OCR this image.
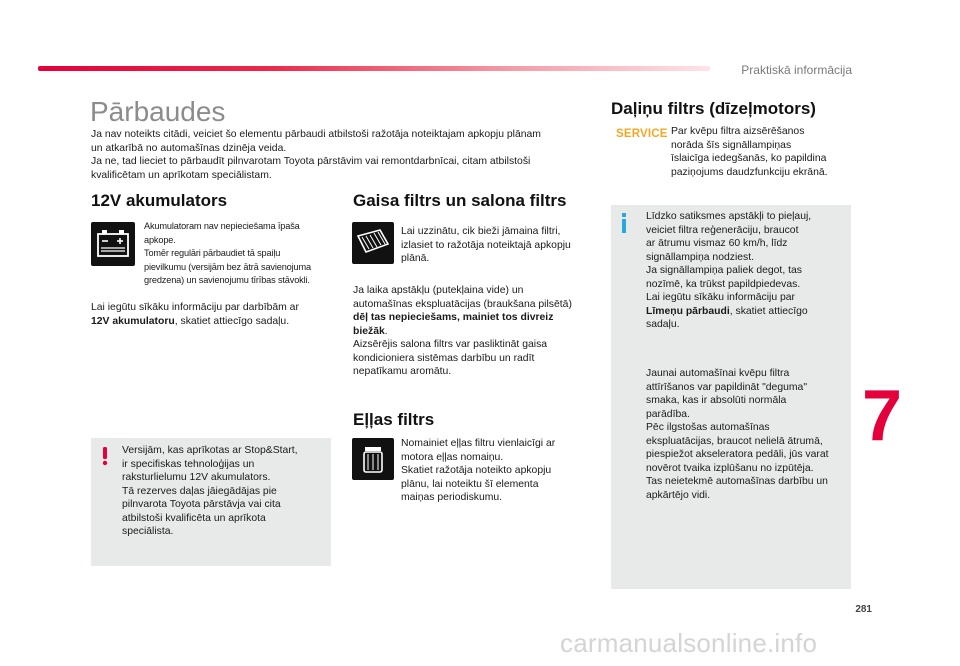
Praktiskā informācija
7
281
carmanualsonline.info
Pārbaudes
Ja nav noteikts citādi, veiciet šo elementu pārbaudi atbilstoši ražotāja noteiktajam apkopju plānam
un atkarībā no automašīnas dzinēja veida.
Ja ne, tad lieciet to pārbaudīt pilnvarotam Toyota pārstāvim vai remontdarbnīcai, citam atbilstoši
kvalificētam un aprīkotam speciālistam.
12V akumulators
Akumulatoram nav nepieciešama īpaša
apkope.
Tomēr regulāri pārbaudiet tā spaiļu
pievilkumu (versijām bez ātrā savienojuma
gredzena) un savienojumu tīrības stāvokli.
Lai iegūtu sīkāku informāciju par darbībām ar
12V akumulatoru, skatiet attiecīgo sadaļu.
Versijām, kas aprīkotas ar Stop&Start,
ir specifiskas tehnoloģijas un
raksturlielumu 12V akumulators.
Tā rezerves daļas jāiegādājas pie
pilnvarota Toyota pārstāvja vai cita
atbilstoši kvalificēta un aprīkota
speciālista.
Gaisa filtrs un salona filtrs
Lai uzzinātu, cik bieži jāmaina filtri,
izlasiet to ražotāja noteiktajā apkopju
plānā.
Ja laika apstākļu (putekļaina vide) un
automašīnas ekspluatācijas (braukšana pilsētā)
dēļ tas nepieciešams, mainiet tos divreiz
biežāk.
Aizsērējis salona filtrs var pasliktināt gaisa
kondicioniera sistēmas darbību un radīt
nepatīkamu aromātu.
Eļļas filtrs
Nomainiet eļļas filtru vienlaicīgi ar
motora eļļas nomaiņu.
Skatiet ražotāja noteikto apkopju
plānu, lai noteiktu šī elementa
maiņas periodiskumu.
Daļiņu filtrs (dīzeļmotors)
SERVICE Par kvēpu filtra aizsērēšanos
norāda šīs signāllampiņas
īslaicīga iedegšanās, ko papildina
paziņojums daudzfunkciju ekrānā.
Līdzko satiksmes apstākļi to pieļauj,
veiciet filtra reģenerāciju, braucot
ar ātrumu vismaz 60 km/h, līdz
signāllampiņa nodziest.
Ja signāllampiņa paliek degot, tas
nozīmē, ka trūkst papildpiedevas.
Lai iegūtu sīkāku informāciju par
Līmeņu pārbaudi, skatiet attiecīgo
sadaļu.
Jaunai automašīnai kvēpu filtra
attīrīšanos var papildināt "deguma"
smaka, kas ir absolūti normāla
parādība.
Pēc ilgstošas automašīnas
ekspluatācijas, braucot nelielā ātrumā,
piespiežot akseleratora pedāli, jūs varat
novērot tvaika izplūšanu no izpūtēja.
Tas neietekmē automašīnas darbību un
apkārtējo vidi.
